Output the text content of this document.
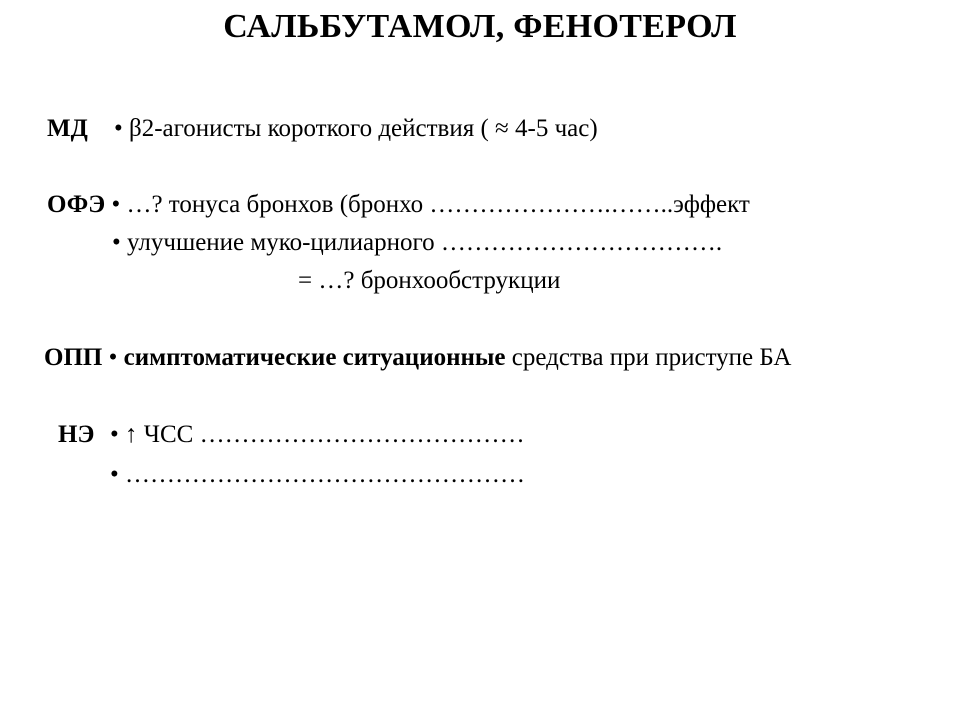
САЛЬБУТАМОЛ, ФЕНОТЕРОЛ
МД • β2-агонисты короткого действия ( ≈ 4-5 час)
ОФЭ • …? тонуса бронхов (бронхо ………………….……..эффект
• улучшение муко-цилиарного …………………………….
= …? бронхообструкции
ОПП • симптоматические ситуационные средства при приступе БА
НЭ • ↑ ЧСС …………………………………
• …………………………………………
